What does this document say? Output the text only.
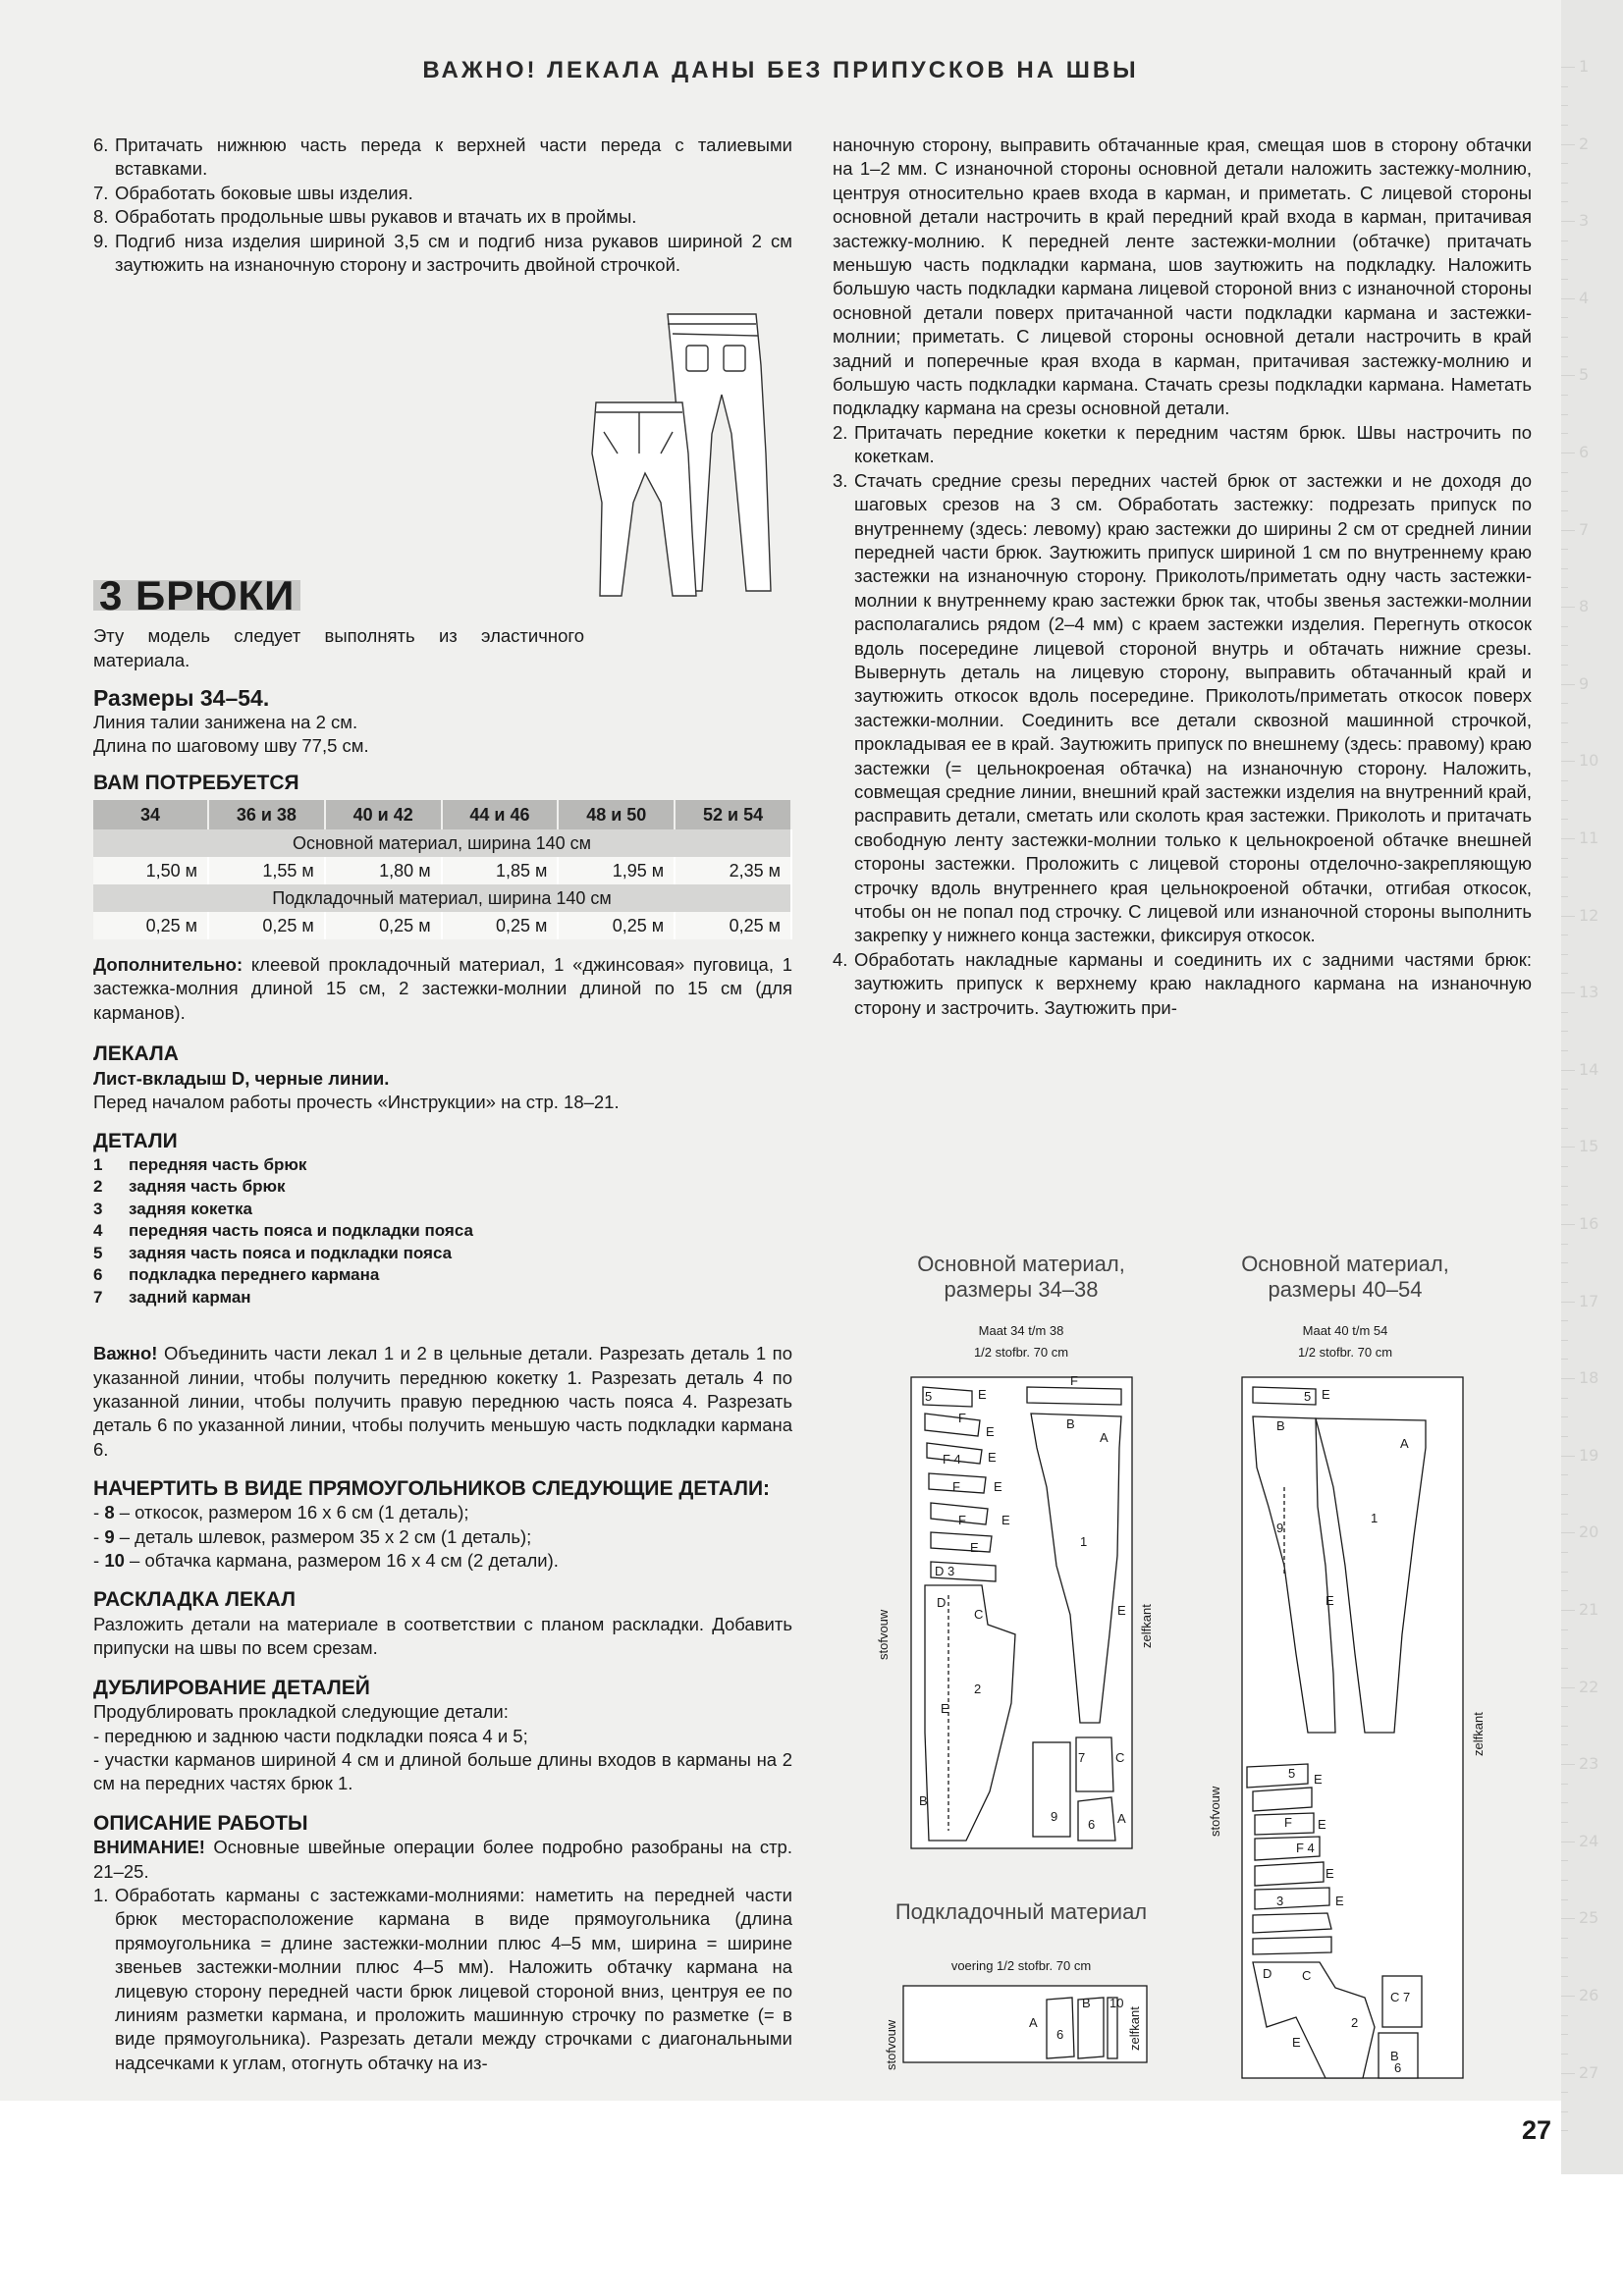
1
2
3
4
5
6
7
8
9
10
11
12
13
14
15
16
17
18
19
20
21
22
23
24
25
26
27
ВАЖНО! ЛЕКАЛА ДАНЫ БЕЗ ПРИПУСКОВ НА ШВЫ
6. Притачать нижнюю часть переда к верхней части переда с талиевыми вставками.
7. Обработать боковые швы изделия.
8. Обработать продольные швы рукавов и втачать их в проймы.
9. Подгиб низа изделия шириной 3,5 см и подгиб низа рукавов шириной 2 см заутюжить на изнаночную сторону и застрочить двойной строчкой.
3 БРЮКИ

Эту модель следует выполнять из эластичного материала.

Размеры 34–54.

Линия талии занижена на 2 см.

Длина по шаговому шву 77,5 см.

ВАМ ПОТРЕБУЕТСЯ
34	36 и 38	40 и 42	44 и 46	48 и 50	52 и 54
Основной материал, ширина 140 см					
1,50 м	1,55 м	1,80 м	1,85 м	1,95 м	2,35 м
Подкладочный материал, ширина 140 см					
0,25 м	0,25 м	0,25 м	0,25 м	0,25 м	0,25 м

Дополнительно: клеевой прокладочный материал, 1 «джинсовая» пуговица, 1 застежка-молния длиной 15 см, 2 застежки-молнии длиной по 15 см (для карманов).

ЛЕКАЛА

Лист-вкладыш D, черные линии.

Перед началом работы прочесть «Инструкции» на стр. 18–21.

ДЕТАЛИ
1 передняя часть брюк
2 задняя часть брюк
3 задняя кокетка
4 передняя часть пояса и подкладки пояса
5 задняя часть пояса и подкладки пояса
6 подкладка переднего кармана
7 задний карман

Важно! Объединить части лекал 1 и 2 в цельные детали. Разрезать деталь 1 по указанной линии, чтобы получить переднюю кокетку 1. Разрезать деталь 4 по указанной линии, чтобы получить правую переднюю часть пояса 4. Разрезать деталь 6 по указанной линии, чтобы получить меньшую часть подкладки кармана 6.

НАЧЕРТИТЬ В ВИДЕ ПРЯМОУГОЛЬНИКОВ СЛЕДУЮЩИЕ ДЕТАЛИ:
- 8 – откосок, размером 16 х 6 см (1 деталь);
- 9 – деталь шлевок, размером 35 х 2 см (1 деталь);
- 10 – обтачка кармана, размером 16 х 4 см (2 детали).
РАСКЛАДКА ЛЕКАЛ

Разложить детали на материале в соответствии с планом раскладки. Добавить припуски на швы по всем срезам.

ДУБЛИРОВАНИЕ ДЕТАЛЕЙ

Продублировать прокладкой следующие детали:

- переднюю и заднюю части подкладки пояса 4 и 5;
- участки карманов шириной 4 см и длиной больше длины входов в карманы на 2 см на передних частях брюк 1.
ОПИСАНИЕ РАБОТЫ

ВНИМАНИЕ! Основные швейные операции более подробно разобраны на стр. 21–25.

1. Обработать карманы с застежками-молниями: наметить на передней части брюк месторасположение кармана в виде прямоугольника (длина прямоугольника = длине застежки-молнии плюс 4–5 мм, ширина = ширине звеньев застежки-молнии плюс 4–5 мм). Наложить обтачку кармана на лицевую сторону передней части брюк лицевой стороной вниз, центруя ее по линиям разметки кармана, и проложить машинную строчку по разметке (= в виде прямоугольника). Разрезать детали между строчками с диагональными надсечками к углам, отогнуть обтачку на из-

наночную сторону, выправить обтачанные края, смещая шов в сторону обтачки на 1–2 мм. С изнаночной стороны основной детали наложить застежку-молнию, центруя относительно краев входа в карман, и приметать. С лицевой стороны основной детали настрочить в край передний край входа в карман, притачивая застежку-молнию. К передней ленте застежки-молнии (обтачке) притачать меньшую часть подкладки кармана, шов заутюжить на подкладку. Наложить большую часть подкладки кармана лицевой стороной вниз с изнаночной стороны основной детали поверх притачанной части подкладки кармана и застежки-молнии; приметать. С лицевой стороны основной детали настрочить в край задний и поперечные края входа в карман, притачивая застежку-молнию и большую часть подкладки кармана. Стачать срезы подкладки кармана. Наметать подкладку кармана на срезы основной детали.

2. Притачать передние кокетки к передним частям брюк. Швы настрочить по кокеткам.
3. Стачать средние срезы передних частей брюк от застежки и не доходя до шаговых срезов на 3 см. Обработать застежку: подрезать припуск по внутреннему (здесь: левому) краю застежки до ширины 2 см от средней линии передней части брюк. Заутюжить припуск шириной 1 см по внутреннему краю застежки на изнаночную сторону. Приколоть/приметать одну часть застежки-молнии к внутреннему краю застежки брюк так, чтобы звенья застежки-молнии располагались рядом (2–4 мм) с краем застежки изделия. Перегнуть откосок вдоль посередине лицевой стороной внутрь и обтачать нижние срезы. Вывернуть деталь на лицевую сторону, выправить обтачанный край и заутюжить откосок вдоль посередине. Приколоть/приметать откосок поверх застежки-молнии. Соединить все детали сквозной машинной строчкой, прокладывая ее в край. Заутюжить припуск по внешнему (здесь: правому) краю застежки (= цельнокроеная обтачка) на изнаночную сторону. Наложить, совмещая средние линии, внешний край застежки изделия на внутренний край, расправить детали, сметать или сколоть края застежки. Приколоть и притачать свободную ленту застежки-молнии только к цельнокроеной обтачке внешней стороны застежки. Проложить с лицевой стороны отделочно-закрепляющую строчку вдоль внутреннего края цельнокроеной обтачки, отгибая откосок, чтобы он не попал под строчку. С лицевой или изнаночной стороны выполнить закрепку у нижнего конца застежки, фиксируя откосок.
4. Обработать накладные карманы и соединить их с задними частями брюк: заутюжить припуск к верхнему краю накладного кармана на изнаночную сторону и застрочить. Заутюжить при-
Основной материал,
размеры 34–38
Основной материал,
размеры 40–54
Maat 34 t/m 38
1/2 stofbr. 70 cm
Maat 40 t/m 54
1/2 stofbr. 70 cm
5	E
F
E
F 4 E
F	E
F	E
D 3
E
F
B
A
1
E
D
C
E
2
B
7 C
9
6 A
stofvouw	zelfkant
5 E
B
A
1
E
9
5 E
F E
F 4
E
3	E
D C
2
E
C 7
B
6
stofvouw
zelfkant
Подкладочный материал
voering 1/2 stofbr. 70 cm
A
6
B 10
stofvouw	zelfkant
27
